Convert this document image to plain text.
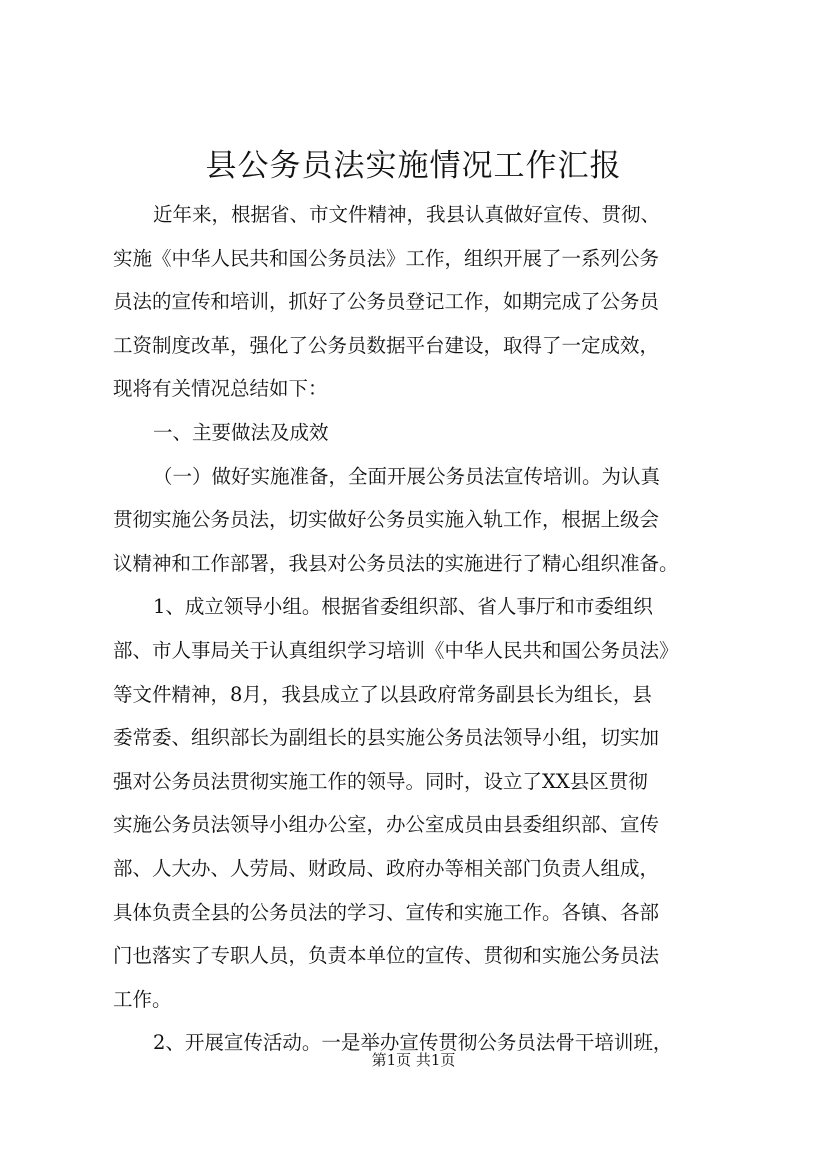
县公务员法实施情况工作汇报

近年来，根据省、市文件精神，我县认真做好宣传、贯彻、
实施《中华人民共和国公务员法》工作，组织开展了一系列公务
员法的宣传和培训，抓好了公务员登记工作，如期完成了公务员
工资制度改革，强化了公务员数据平台建设，取得了一定成效，
现将有关情况总结如下：

一、主要做法及成效

（一）做好实施准备，全面开展公务员法宣传培训。为认真
贯彻实施公务员法，切实做好公务员实施入轨工作，根据上级会
议精神和工作部署，我县对公务员法的实施进行了精心组织准备。

1、成立领导小组。根据省委组织部、省人事厅和市委组织
部、市人事局关于认真组织学习培训《中华人民共和国公务员法》
等文件精神，8月，我县成立了以县政府常务副县长为组长，县
委常委、组织部长为副组长的县实施公务员法领导小组，切实加
强对公务员法贯彻实施工作的领导。同时，设立了XX县区贯彻
实施公务员法领导小组办公室，办公室成员由县委组织部、宣传
部、人大办、人劳局、财政局、政府办等相关部门负责人组成，
具体负责全县的公务员法的学习、宣传和实施工作。各镇、各部
门也落实了专职人员，负责本单位的宣传、贯彻和实施公务员法
工作。

2、开展宣传活动。一是举办宣传贯彻公务员法骨干培训班，

第1页 共1页
